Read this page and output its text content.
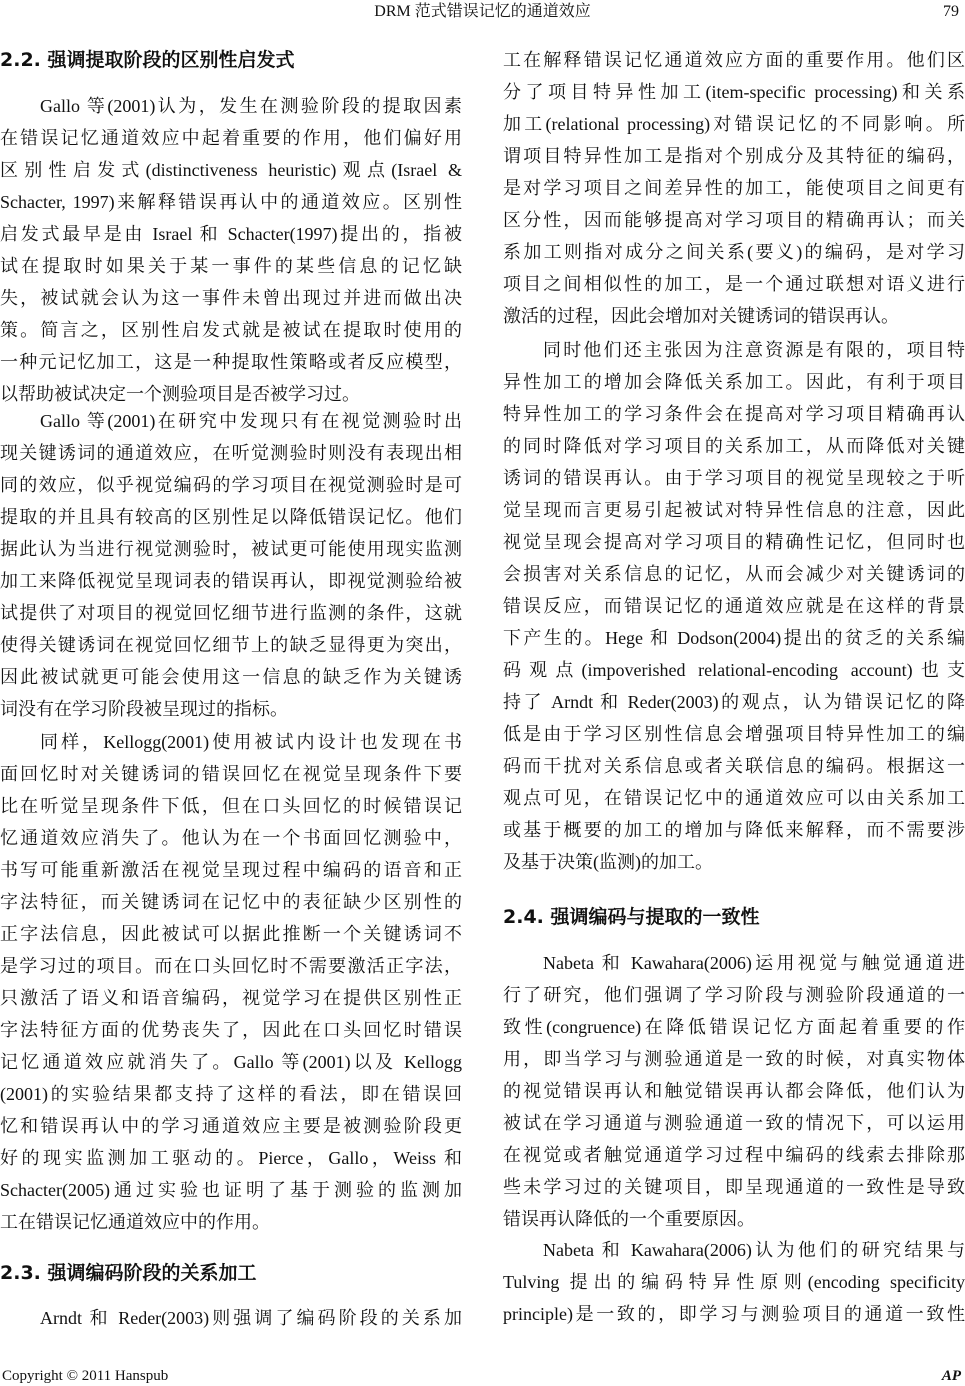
DRM 范式错误记忆的通道效应	79
2.2. 强调提取阶段的区别性启发式
Gallo 等(2001)认为，发生在测验阶段的提取因素
在错误记忆通道效应中起着重要的作用，他们偏好用
区别性启发式(distinctiveness heuristic)观点(Israel &
Schacter, 1997)来解释错误再认中的通道效应。区别性
启发式最早是由 Israel 和 Schacter(1997)提出的，指被
试在提取时如果关于某一事件的某些信息的记忆缺
失，被试就会认为这一事件未曾出现过并进而做出决
策。简言之，区别性启发式就是被试在提取时使用的
一种元记忆加工，这是一种提取性策略或者反应模型，
以帮助被试决定一个测验项目是否被学习过。
Gallo 等(2001)在研究中发现只有在视觉测验时出
现关键诱词的通道效应，在听觉测验时则没有表现出相
同的效应，似乎视觉编码的学习项目在视觉测验时是可
提取的并且具有较高的区别性足以降低错误记忆。他们
据此认为当进行视觉测验时，被试更可能使用现实监测
加工来降低视觉呈现词表的错误再认，即视觉测验给被
试提供了对项目的视觉回忆细节进行监测的条件，这就
使得关键诱词在视觉回忆细节上的缺乏显得更为突出，
因此被试就更可能会使用这一信息的缺乏作为关键诱
词没有在学习阶段被呈现过的指标。
同样，Kellogg(2001)使用被试内设计也发现在书
面回忆时对关键诱词的错误回忆在视觉呈现条件下要
比在听觉呈现条件下低，但在口头回忆的时候错误记
忆通道效应消失了。他认为在一个书面回忆测验中，
书写可能重新激活在视觉呈现过程中编码的语音和正
字法特征，而关键诱词在记忆中的表征缺少区别性的
正字法信息，因此被试可以据此推断一个关键诱词不
是学习过的项目。而在口头回忆时不需要激活正字法，
只激活了语义和语音编码，视觉学习在提供区别性正
字法特征方面的优势丧失了，因此在口头回忆时错误
记忆通道效应就消失了。Gallo 等(2001)以及 Kellogg
(2001)的实验结果都支持了这样的看法，即在错误回
忆和错误再认中的学习通道效应主要是被测验阶段更
好的现实监测加工驱动的。Pierce，Gallo，Weiss 和
Schacter(2005)通过实验也证明了基于测验的监测加
工在错误记忆通道效应中的作用。
2.3. 强调编码阶段的关系加工
Arndt 和 Reder(2003)则强调了编码阶段的关系加
工在解释错误记忆通道效应方面的重要作用。他们区
分了项目特异性加工(item-specific processing)和关系
加工(relational processing)对错误记忆的不同影响。所
谓项目特异性加工是指对个别成分及其特征的编码，
是对学习项目之间差异性的加工，能使项目之间更有
区分性，因而能够提高对学习项目的精确再认；而关
系加工则指对成分之间关系(要义)的编码，是对学习
项目之间相似性的加工，是一个通过联想对语义进行
激活的过程，因此会增加对关键诱词的错误再认。
同时他们还主张因为注意资源是有限的，项目特
异性加工的增加会降低关系加工。因此，有利于项目
特异性加工的学习条件会在提高对学习项目精确再认
的同时降低对学习项目的关系加工，从而降低对关键
诱词的错误再认。由于学习项目的视觉呈现较之于听
觉呈现而言更易引起被试对特异性信息的注意，因此
视觉呈现会提高对学习项目的精确性记忆，但同时也
会损害对关系信息的记忆，从而会减少对关键诱词的
错误反应，而错误记忆的通道效应就是在这样的背景
下产生的。Hege 和 Dodson(2004)提出的贫乏的关系编
码观点(impoverished relational-encoding account)也支
持了 Arndt 和 Reder(2003)的观点，认为错误记忆的降
低是由于学习区别性信息会增强项目特异性加工的编
码而干扰对关系信息或者关联信息的编码。根据这一
观点可见，在错误记忆中的通道效应可以由关系加工
或基于概要的加工的增加与降低来解释，而不需要涉
及基于决策(监测)的加工。
2.4. 强调编码与提取的一致性
Nabeta 和 Kawahara(2006)运用视觉与触觉通道进
行了研究，他们强调了学习阶段与测验阶段通道的一
致性(congruence)在降低错误记忆方面起着重要的作
用，即当学习与测验通道是一致的时候，对真实物体
的视觉错误再认和触觉错误再认都会降低，他们认为
被试在学习通道与测验通道一致的情况下，可以运用
在视觉或者触觉通道学习过程中编码的线索去排除那
些未学习过的关键项目，即呈现通道的一致性是导致
错误再认降低的一个重要原因。
Nabeta 和 Kawahara(2006)认为他们的研究结果与
Tulving 提出的编码特异性原则(encoding specificity
principle)是一致的，即学习与测验项目的通道一致性
Copyright © 2011 Hanspub	AP
